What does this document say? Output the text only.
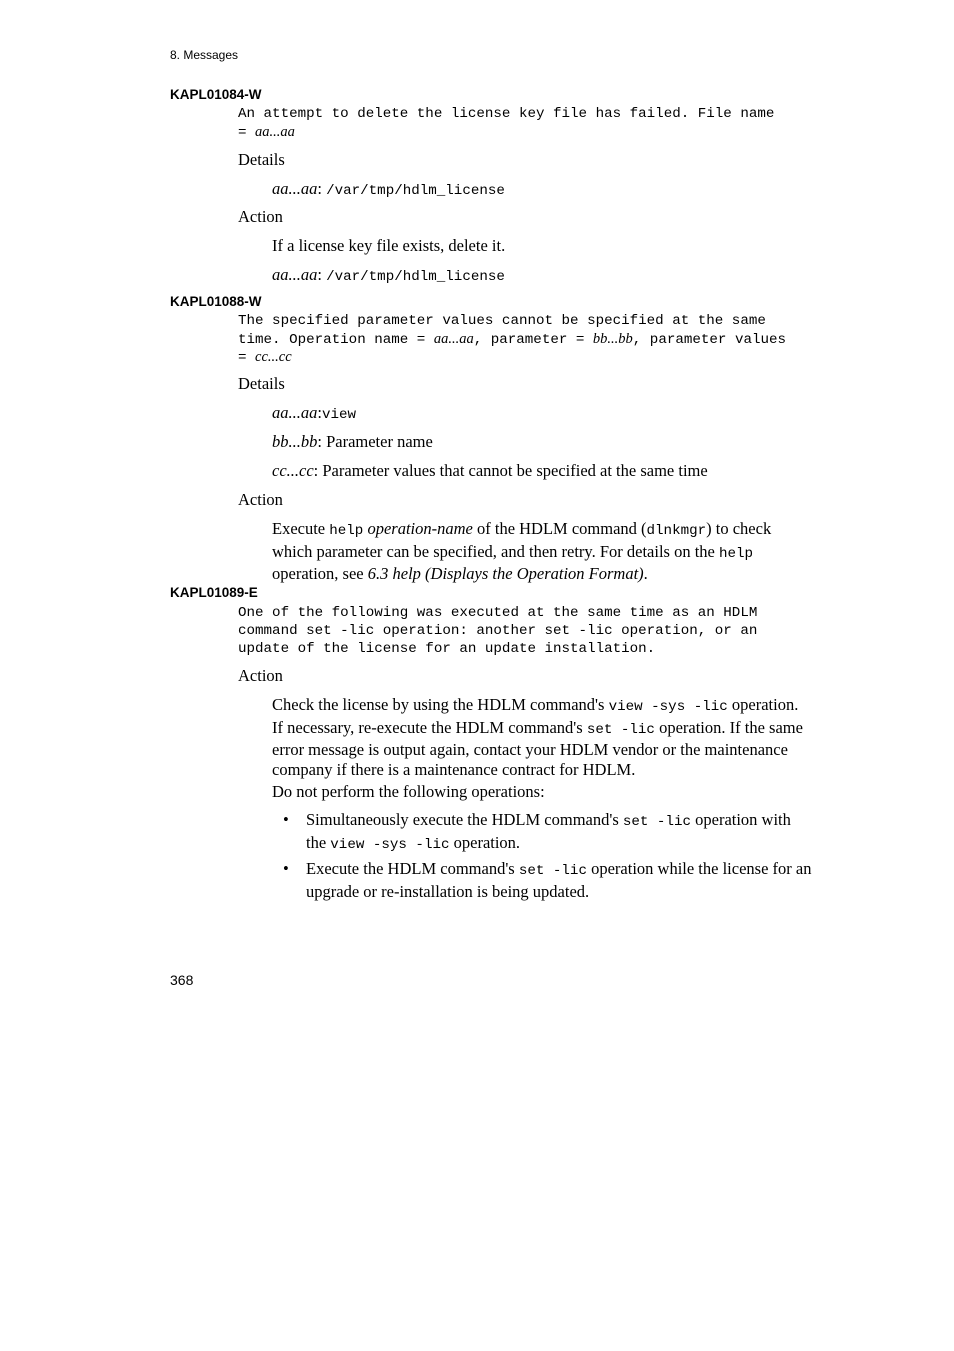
8. Messages
KAPL01084-W
An attempt to delete the license key file has failed. File name
= aa...aa
Details
aa...aa: /var/tmp/hdlm_license
Action
If a license key file exists, delete it.
aa...aa: /var/tmp/hdlm_license
KAPL01088-W
The specified parameter values cannot be specified at the same
time. Operation name = aa...aa, parameter = bb...bb, parameter values
= cc...cc
Details
aa...aa:view
bb...bb: Parameter name
cc...cc: Parameter values that cannot be specified at the same time
Action
Execute help operation-name of the HDLM command (dlnkmgr) to check
which parameter can be specified, and then retry. For details on the help
operation, see 6.3 help (Displays the Operation Format).
KAPL01089-E
One of the following was executed at the same time as an HDLM
command set -lic operation: another set -lic operation, or an
update of the license for an update installation.
Action
Check the license by using the HDLM command's view -sys -lic operation.
If necessary, re-execute the HDLM command's set -lic operation. If the same
error message is output again, contact your HDLM vendor or the maintenance
company if there is a maintenance contract for HDLM.
Do not perform the following operations:
• Simultaneously execute the HDLM command's set -lic operation with
the view -sys -lic operation.
• Execute the HDLM command's set -lic operation while the license for an
upgrade or re-installation is being updated.
368
